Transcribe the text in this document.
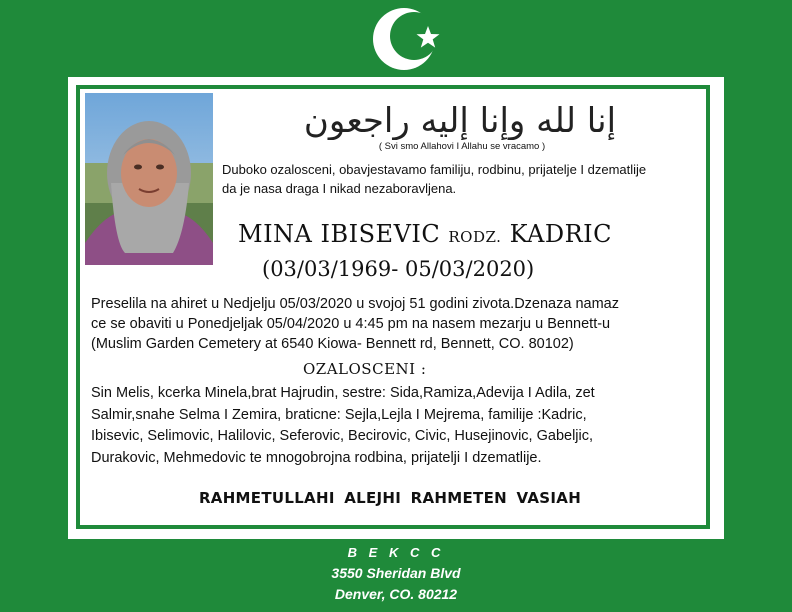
إنا لله وإنا إليه راجعون
( Svi smo Allahovi I Allahu se vracamo )
Duboko ozalosceni, obavjestavamo familiju, rodbinu, prijatelje I dzematlije
da je nasa draga I nikad nezaboravljena.
MINA IBISEVIC RODZ. KADRIC
(03/03/1969- 05/03/2020)
Preselila na ahiret u Nedjelju 05/03/2020 u svojoj 51 godini zivota.Dzenaza namaz
ce se obaviti u Ponedjeljak 05/04/2020 u 4:45 pm na nasem mezarju u Bennett-u
(Muslim Garden Cemetery at 6540 Kiowa- Bennett rd, Bennett, CO. 80102)
OZALOSCENI :
Sin Melis, kcerka Minela,brat Hajrudin, sestre: Sida,Ramiza,Adevija I Adila, zet
Salmir,snahe Selma I Zemira, braticne: Sejla,Lejla I Mejrema, familije :Kadric,
Ibisevic, Selimovic, Halilovic, Seferovic, Becirovic, Civic, Husejinovic, Gabeljic,
Durakovic, Mehmedovic te mnogobrojna rodbina, prijatelji I dzematlije.
RAHMETULLAHI ALEJHI RAHMETEN VASIAH
B E K C C
3550 Sheridan Blvd
Denver, CO. 80212
